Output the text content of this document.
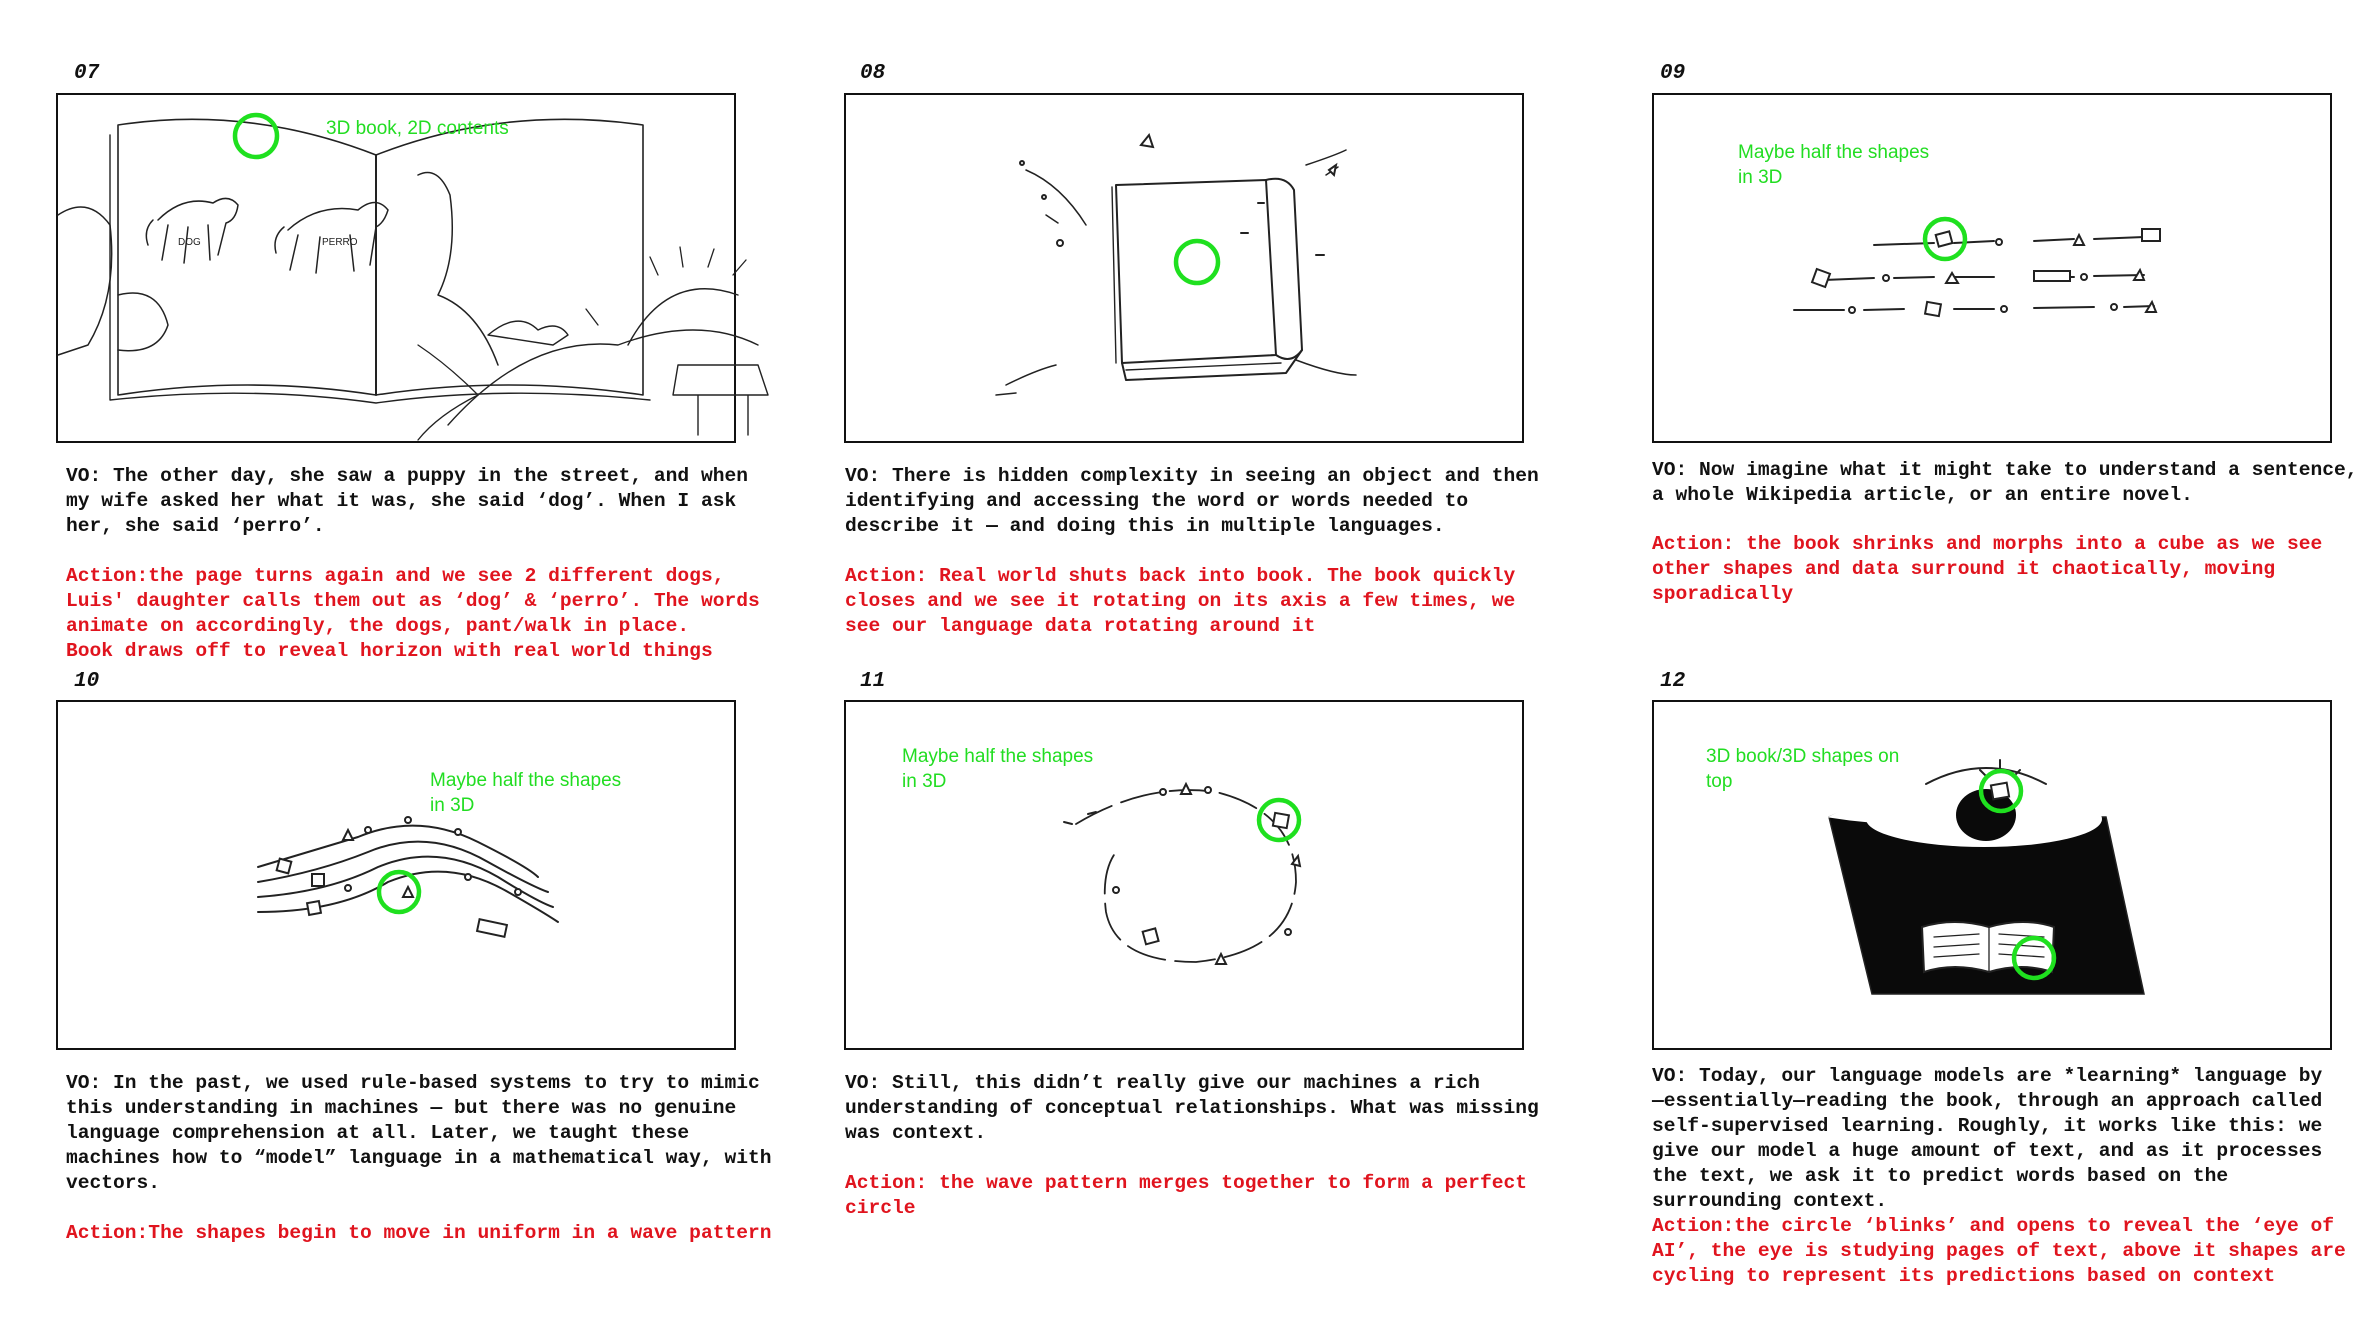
07
DOG	PERRO
3D book, 2D contents
VO: The other day, she saw a puppy in the street, and when
my wife asked her what it was, she said ‘dog’. When I ask
her, she said ‘perro’.
Action:the page turns again and we see 2 different dogs,
Luis' daughter calls them out as ‘dog’ & ‘perro’. The words
animate on accordingly, the dogs, pant/walk in place.
Book draws off to reveal horizon with real world things
08
VO: There is hidden complexity in seeing an object and then
identifying and accessing the word or words needed to
describe it — and doing this in multiple languages.
Action: Real world shuts back into book. The book quickly
closes and we see it rotating on its axis a few times, we
see our language data rotating around it
09
Maybe half the shapes
in 3D
VO: Now imagine what it might take to understand a sentence,
a whole Wikipedia article, or an entire novel.
Action: the book shrinks and morphs into a cube as we see
other shapes and data surround it chaotically, moving
sporadically
10
Maybe half the shapes
in 3D
VO: In the past, we used rule-based systems to try to mimic
this understanding in machines — but there was no genuine
language comprehension at all. Later, we taught these
machines how to “model” language in a mathematical way, with
vectors.
Action:The shapes begin to move in uniform in a wave pattern
11
Maybe half the shapes
in 3D
VO: Still, this didn’t really give our machines a rich
understanding of conceptual relationships. What was missing
was context.
Action: the wave pattern merges together to form a perfect
circle
12
3D book/3D shapes on
top
VO: Today, our language models are *learning* language by
—essentially—reading the book, through an approach called
self-supervised learning. Roughly, it works like this: we
give our model a huge amount of text, and as it processes
the text, we ask it to predict words based on the
surrounding context.
Action:the circle ‘blinks’ and opens to reveal the ‘eye of
AI’, the eye is studying pages of text, above it shapes are
cycling to represent its predictions based on context
